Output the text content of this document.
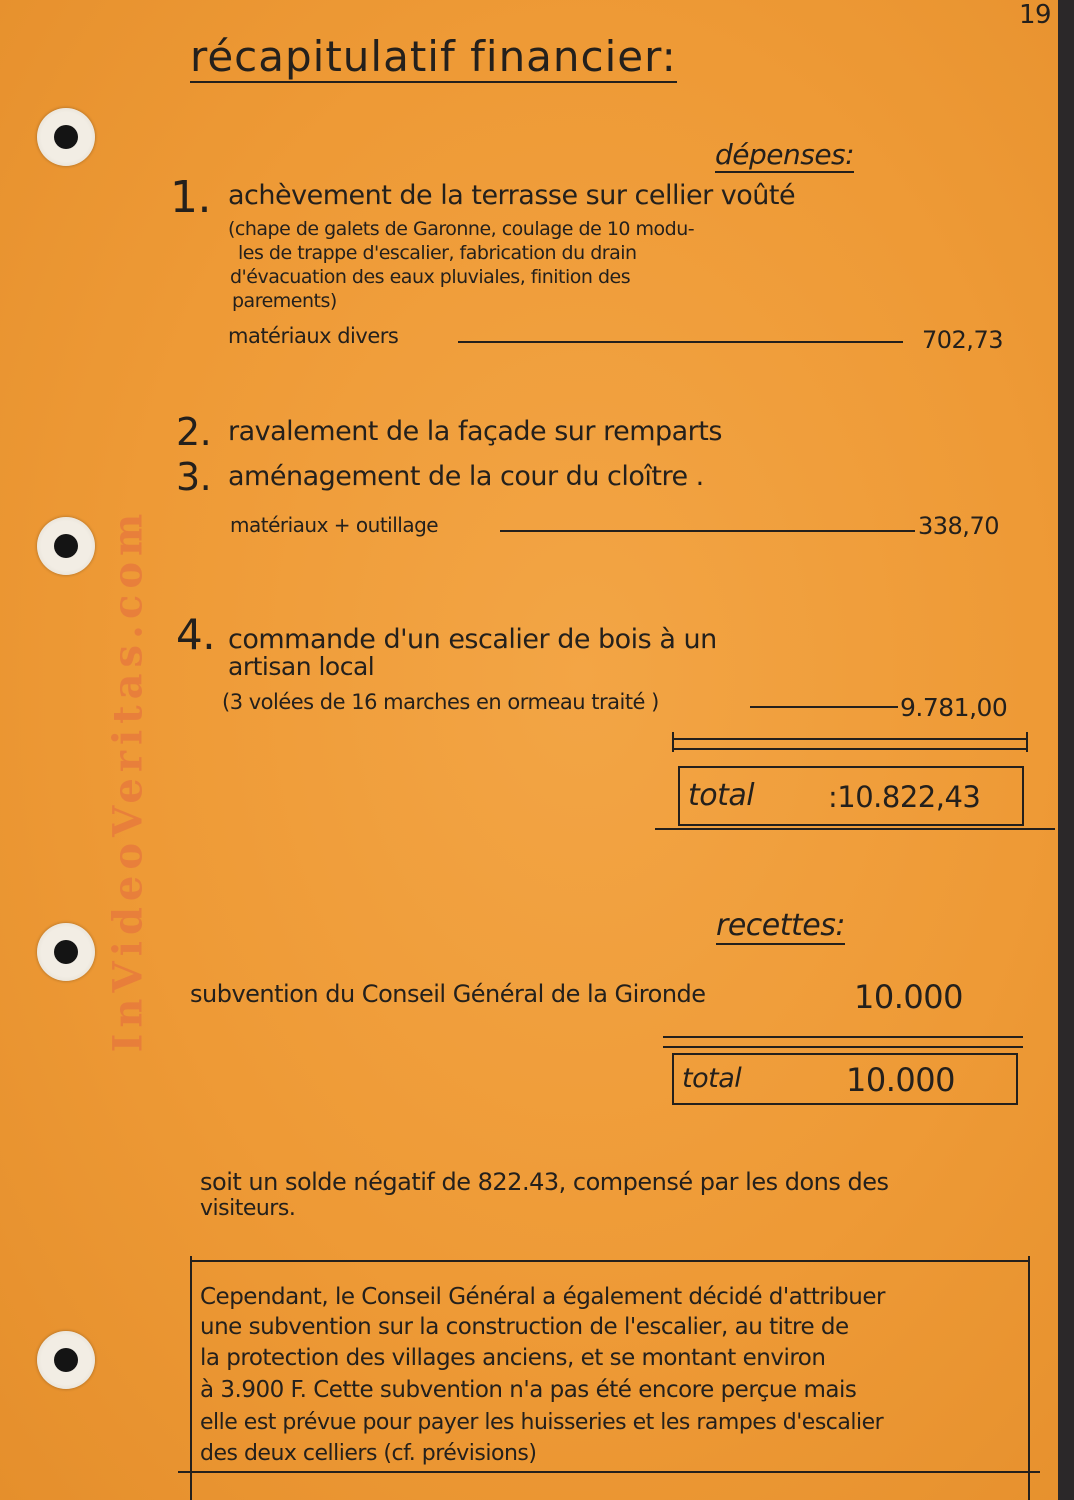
InVideoVeritas.com
19
récapitulatif financier:
dépenses:
1. achèvement de la terrasse sur cellier voûté
(chape de galets de Garonne, coulage de 10 modu-
les de trappe d'escalier, fabrication du drain
d'évacuation des eaux pluviales, finition des
parements)
matériaux divers	702,73
2. ravalement de la façade sur remparts
3. aménagement de la cour du cloître .
matériaux + outillage	338,70
4. commande d'un escalier de bois à un
artisan local
(3 volées de 16 marches en ormeau traité )	9.781,00
total	:10.822,43
recettes:
subvention du Conseil Général de la Gironde	10.000
total	10.000
soit un solde négatif de 822.43, compensé par les dons des
visiteurs.
Cependant, le Conseil Général a également décidé d'attribuer
une subvention sur la construction de l'escalier, au titre de
la protection des villages anciens, et se montant environ
à 3.900 F. Cette subvention n'a pas été encore perçue mais
elle est prévue pour payer les huisseries et les rampes d'escalier
des deux celliers (cf. prévisions)
